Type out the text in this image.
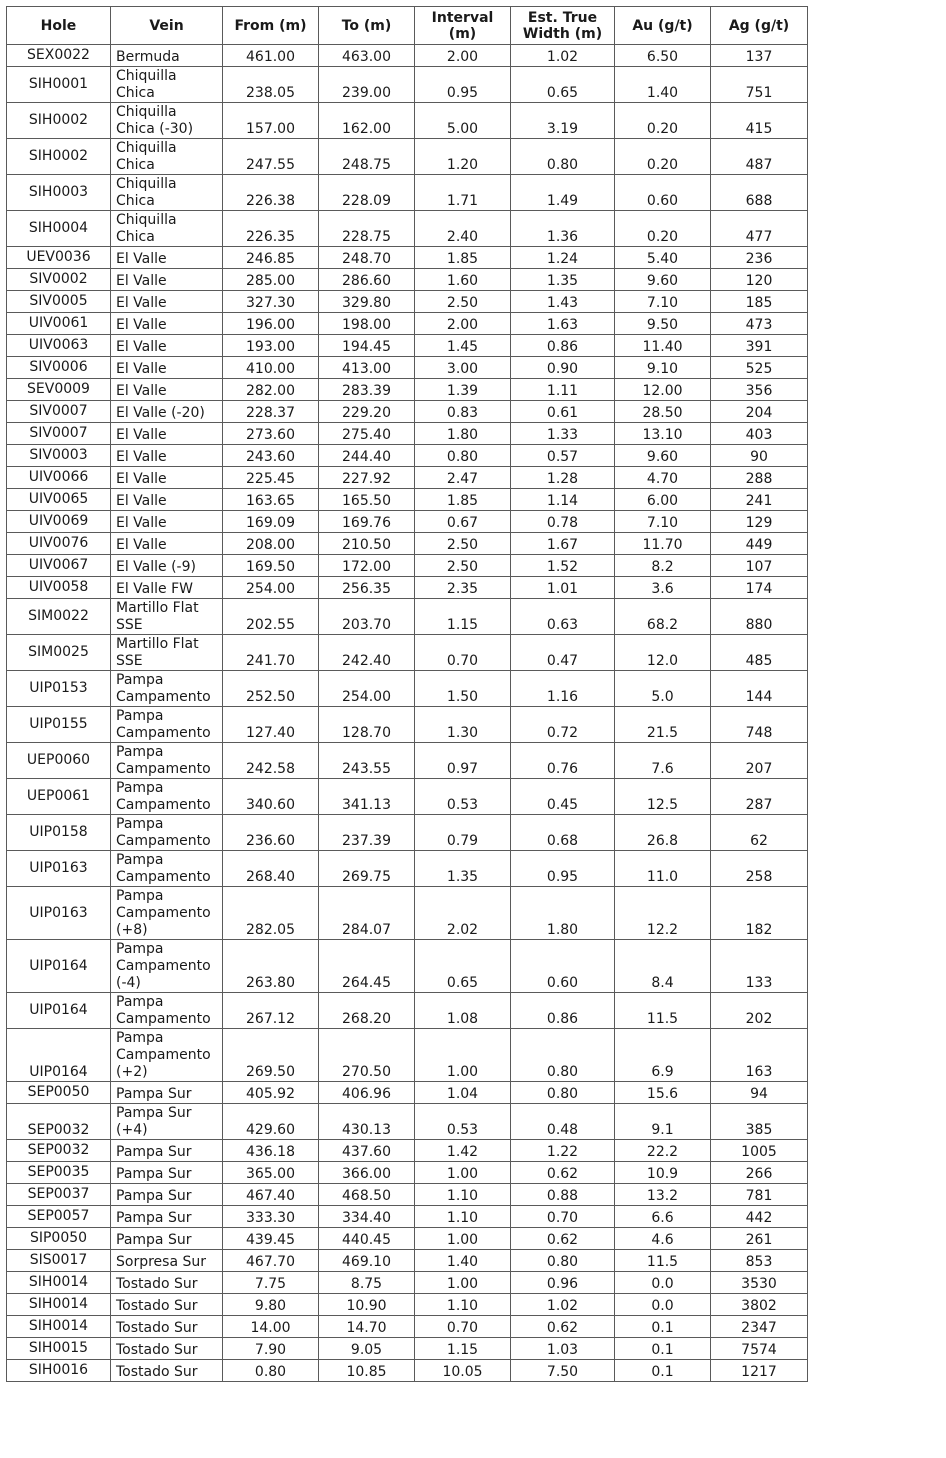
Hole	Vein	From (m)	To (m)	Interval (m)	Est. True Width (m)	Au (g/t)	Ag (g/t)
SEX0022	Bermuda	461.00	463.00	2.00	1.02	6.50	137
SIH0001	Chiquilla Chica	238.05	239.00	0.95	0.65	1.40	751
SIH0002	Chiquilla Chica (-30)	157.00	162.00	5.00	3.19	0.20	415
SIH0002	Chiquilla Chica	247.55	248.75	1.20	0.80	0.20	487
SIH0003	Chiquilla Chica	226.38	228.09	1.71	1.49	0.60	688
SIH0004	Chiquilla Chica	226.35	228.75	2.40	1.36	0.20	477
UEV0036	El Valle	246.85	248.70	1.85	1.24	5.40	236
SIV0002	El Valle	285.00	286.60	1.60	1.35	9.60	120
SIV0005	El Valle	327.30	329.80	2.50	1.43	7.10	185
UIV0061	El Valle	196.00	198.00	2.00	1.63	9.50	473
UIV0063	El Valle	193.00	194.45	1.45	0.86	11.40	391
SIV0006	El Valle	410.00	413.00	3.00	0.90	9.10	525
SEV0009	El Valle	282.00	283.39	1.39	1.11	12.00	356
SIV0007	El Valle (-20)	228.37	229.20	0.83	0.61	28.50	204
SIV0007	El Valle	273.60	275.40	1.80	1.33	13.10	403
SIV0003	El Valle	243.60	244.40	0.80	0.57	9.60	90
UIV0066	El Valle	225.45	227.92	2.47	1.28	4.70	288
UIV0065	El Valle	163.65	165.50	1.85	1.14	6.00	241
UIV0069	El Valle	169.09	169.76	0.67	0.78	7.10	129
UIV0076	El Valle	208.00	210.50	2.50	1.67	11.70	449
UIV0067	El Valle (-9)	169.50	172.00	2.50	1.52	8.2	107
UIV0058	El Valle FW	254.00	256.35	2.35	1.01	3.6	174
SIM0022	Martillo Flat SSE	202.55	203.70	1.15	0.63	68.2	880
SIM0025	Martillo Flat SSE	241.70	242.40	0.70	0.47	12.0	485
UIP0153	Pampa Campamento	252.50	254.00	1.50	1.16	5.0	144
UIP0155	Pampa Campamento	127.40	128.70	1.30	0.72	21.5	748
UEP0060	Pampa Campamento	242.58	243.55	0.97	0.76	7.6	207
UEP0061	Pampa Campamento	340.60	341.13	0.53	0.45	12.5	287
UIP0158	Pampa Campamento	236.60	237.39	0.79	0.68	26.8	62
UIP0163	Pampa Campamento	268.40	269.75	1.35	0.95	11.0	258
UIP0163	Pampa Campamento (+8)	282.05	284.07	2.02	1.80	12.2	182
UIP0164	Pampa Campamento (-4)	263.80	264.45	0.65	0.60	8.4	133
UIP0164	Pampa Campamento	267.12	268.20	1.08	0.86	11.5	202
UIP0164	Pampa Campamento (+2)	269.50	270.50	1.00	0.80	6.9	163
SEP0050	Pampa Sur	405.92	406.96	1.04	0.80	15.6	94
SEP0032	Pampa Sur (+4)	429.60	430.13	0.53	0.48	9.1	385
SEP0032	Pampa Sur	436.18	437.60	1.42	1.22	22.2	1005
SEP0035	Pampa Sur	365.00	366.00	1.00	0.62	10.9	266
SEP0037	Pampa Sur	467.40	468.50	1.10	0.88	13.2	781
SEP0057	Pampa Sur	333.30	334.40	1.10	0.70	6.6	442
SIP0050	Pampa Sur	439.45	440.45	1.00	0.62	4.6	261
SIS0017	Sorpresa Sur	467.70	469.10	1.40	0.80	11.5	853
SIH0014	Tostado Sur	7.75	8.75	1.00	0.96	0.0	3530
SIH0014	Tostado Sur	9.80	10.90	1.10	1.02	0.0	3802
SIH0014	Tostado Sur	14.00	14.70	0.70	0.62	0.1	2347
SIH0015	Tostado Sur	7.90	9.05	1.15	1.03	0.1	7574
SIH0016	Tostado Sur	0.80	10.85	10.05	7.50	0.1	1217
